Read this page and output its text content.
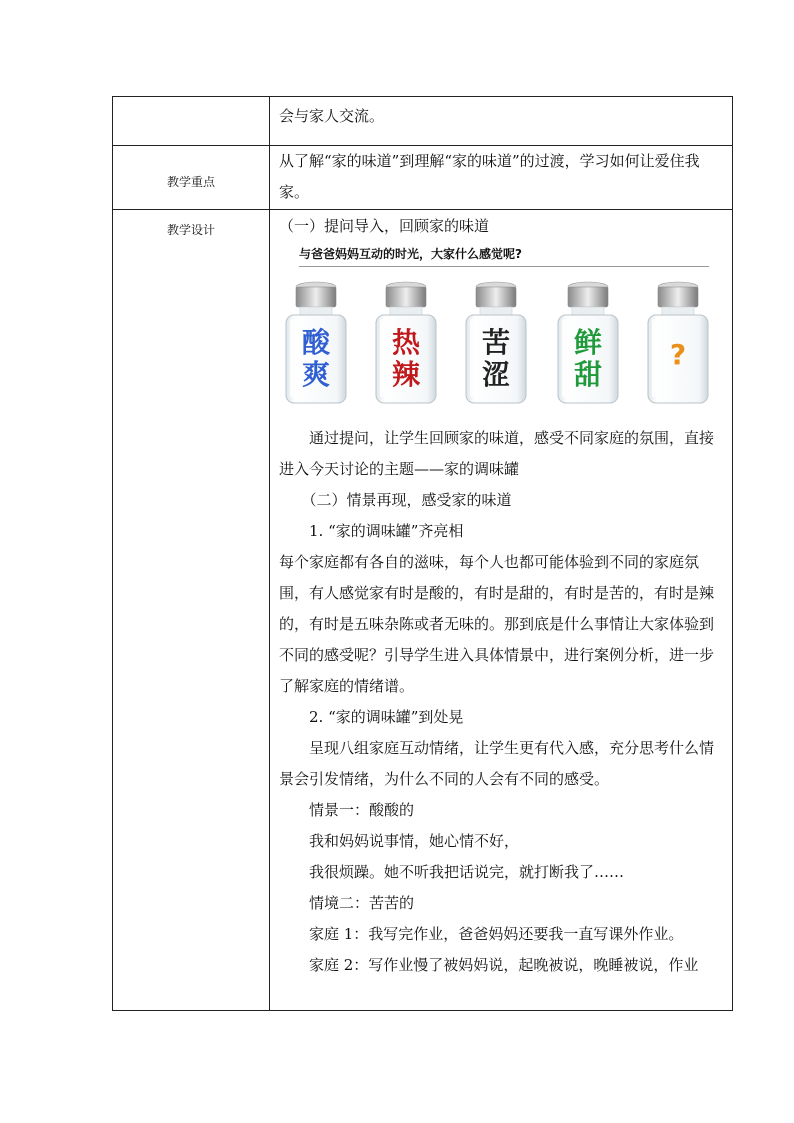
会与家人交流。

教学重点

从了解“家的味道”到理解“家的味道”的过渡，学习如何让爱住我家。

教学设计	（一）提问导入，回顾家的味道

与爸爸妈妈互动的时光，大家什么感觉呢?
酸
爽
热
辣
苦
涩
鲜
甜
?

通过提问，让学生回顾家的味道，感受不同家庭的氛围，直接进入今天讨论的主题——家的调味罐

（二）情景再现，感受家的味道

1. “家的调味罐”齐亮相

每个家庭都有各自的滋味，每个人也都可能体验到不同的家庭氛围，有人感觉家有时是酸的，有时是甜的，有时是苦的，有时是辣的，有时是五味杂陈或者无味的。那到底是什么事情让大家体验到不同的感受呢？引导学生进入具体情景中，进行案例分析，进一步了解家庭的情绪谱。

2. “家的调味罐”到处晃

呈现八组家庭互动情绪，让学生更有代入感，充分思考什么情景会引发情绪，为什么不同的人会有不同的感受。

情景一：酸酸的

我和妈妈说事情，她心情不好，

我很烦躁。她不听我把话说完，就打断我了……

情境二：苦苦的

家庭 1：我写完作业，爸爸妈妈还要我一直写课外作业。

家庭 2：写作业慢了被妈妈说，起晚被说，晚睡被说，作业
